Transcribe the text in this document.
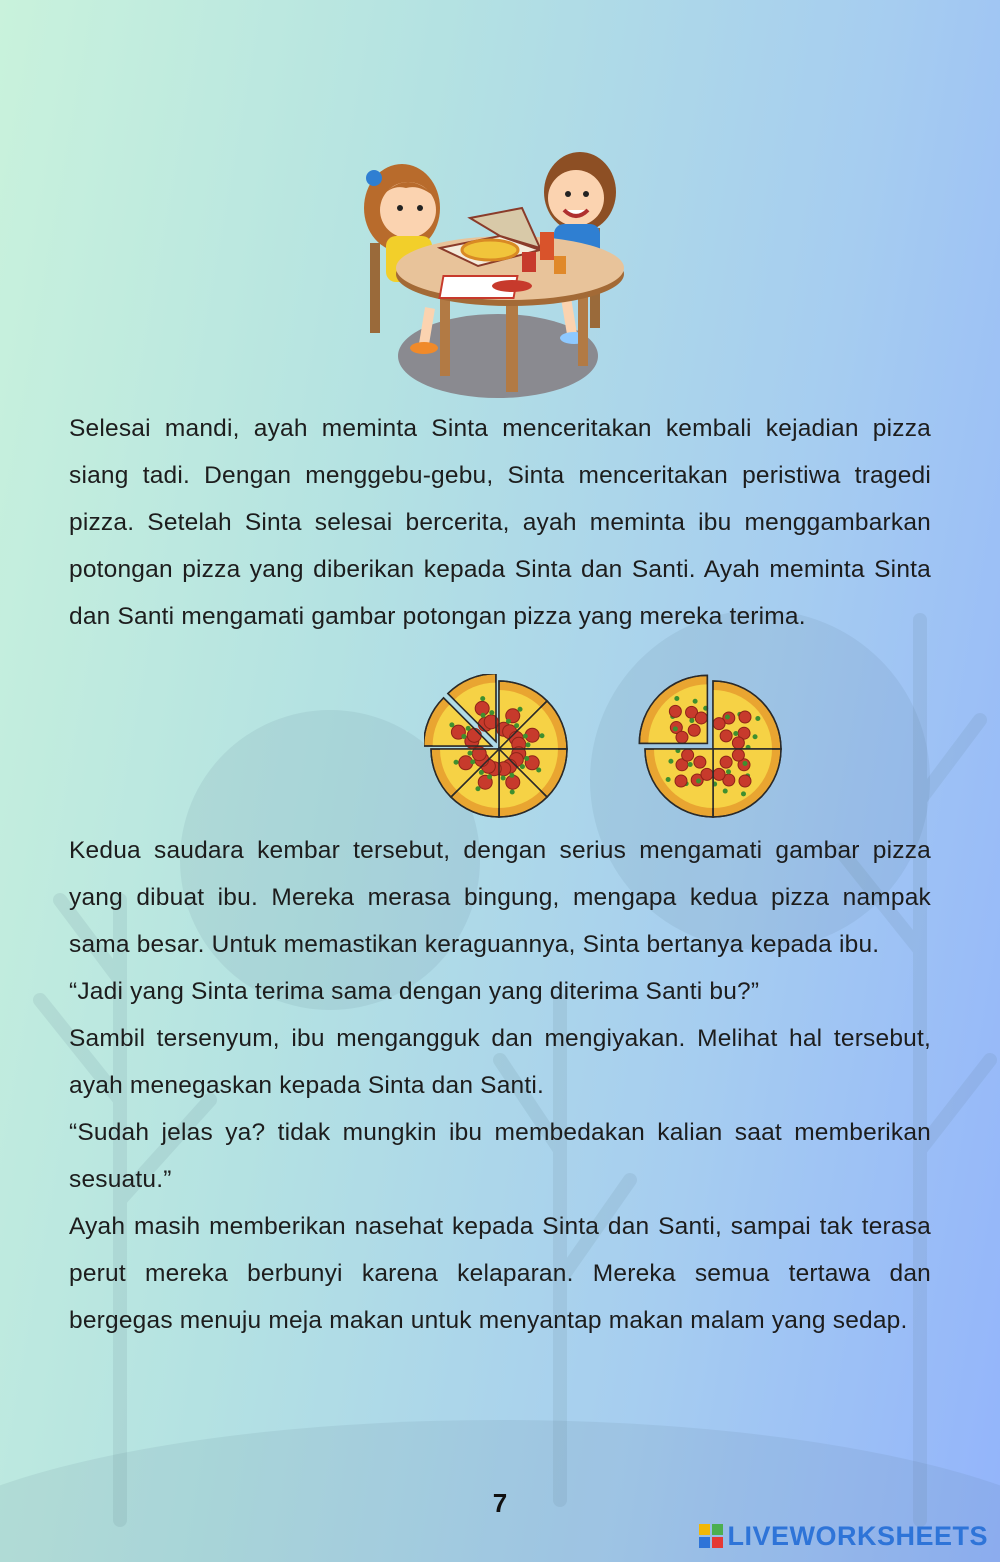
Selesai mandi, ayah meminta Sinta menceritakan kembali kejadian pizza siang tadi. Dengan menggebu-gebu, Sinta menceritakan peristiwa tragedi pizza. Setelah Sinta selesai bercerita, ayah meminta ibu menggambarkan potongan pizza yang diberikan kepada Sinta dan Santi. Ayah meminta Sinta dan Santi mengamati gambar potongan pizza yang mereka terima.

Kedua saudara kembar tersebut, dengan serius mengamati gambar pizza yang dibuat ibu. Mereka merasa bingung, mengapa kedua pizza nampak sama besar. Untuk memastikan keraguannya, Sinta bertanya kepada ibu.

“Jadi yang Sinta terima sama dengan yang diterima Santi bu?”

Sambil tersenyum, ibu mengangguk dan mengiyakan. Melihat hal tersebut, ayah menegaskan kepada Sinta dan Santi.

“Sudah jelas ya? tidak mungkin ibu membedakan kalian saat memberikan sesuatu.”

Ayah masih memberikan nasehat kepada Sinta dan Santi, sampai tak terasa perut mereka berbunyi karena kelaparan. Mereka semua tertawa dan bergegas menuju meja makan untuk menyantap makan malam yang sedap.

7
LIVEWORKSHEETS
